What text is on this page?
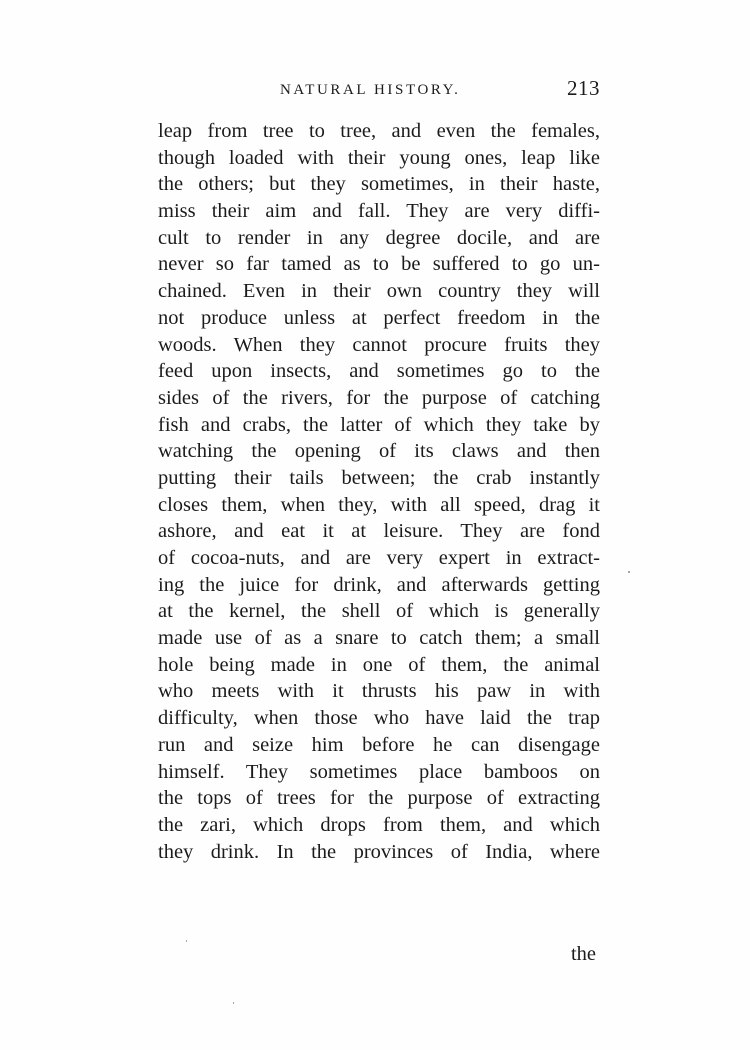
NATURAL HISTORY.	213
leap from tree to tree, and even the females,
though loaded with their young ones, leap like
the others; but they sometimes, in their haste,
miss their aim and fall. They are very diffi-
cult to render in any degree docile, and are
never so far tamed as to be suffered to go un-
chained. Even in their own country they will
not produce unless at perfect freedom in the
woods. When they cannot procure fruits they
feed upon insects, and sometimes go to the
sides of the rivers, for the purpose of catching
fish and crabs, the latter of which they take by
watching the opening of its claws and then
putting their tails between; the crab instantly
closes them, when they, with all speed, drag it
ashore, and eat it at leisure. They are fond
of cocoa-nuts, and are very expert in extract-
ing the juice for drink, and afterwards getting
at the kernel, the shell of which is generally
made use of as a snare to catch them; a small
hole being made in one of them, the animal
who meets with it thrusts his paw in with
difficulty, when those who have laid the trap
run and seize him before he can disengage
himself. They sometimes place bamboos on
the tops of trees for the purpose of extracting
the zari, which drops from them, and which
they drink. In the provinces of India, where
the
